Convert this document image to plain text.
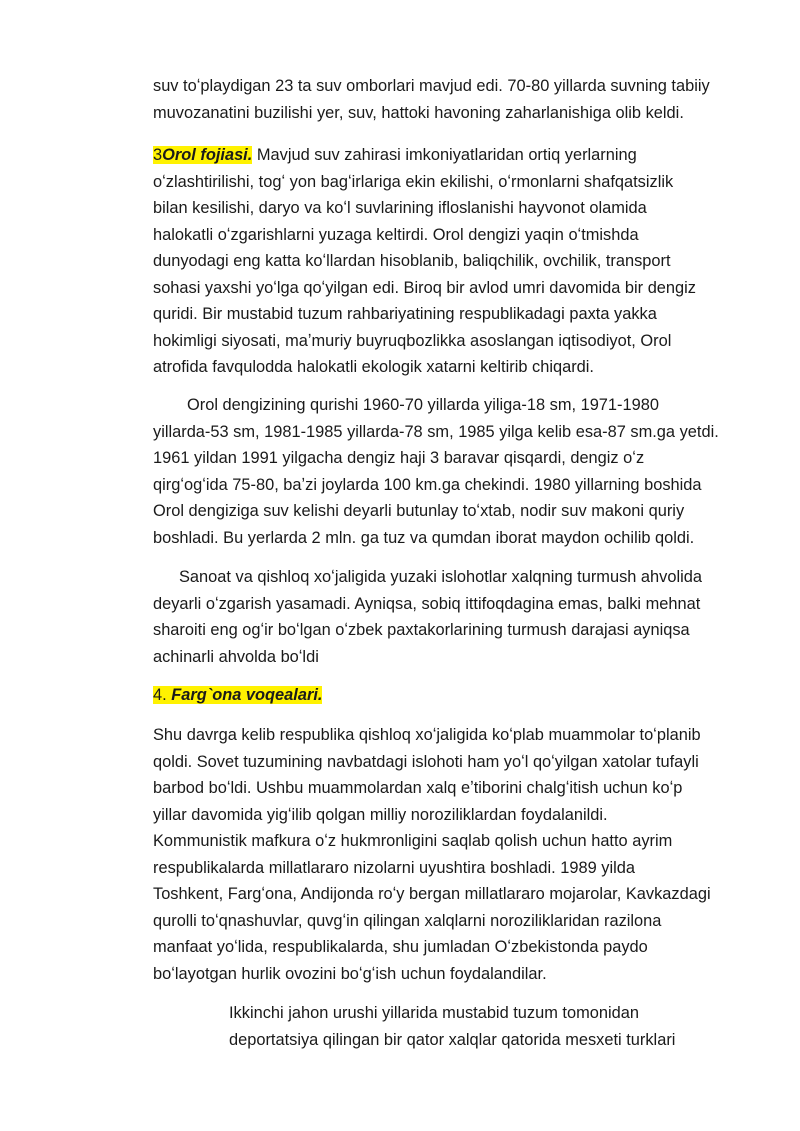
suv toʻplaydigan 23 ta suv omborlari mavjud edi. 70-80 yillarda suvning tabiiy
muvozanatini buzilishi yer, suv, hattoki havoning zaharlanishiga olib keldi.
3Orol fojiasi. Mavjud suv zahirasi imkoniyatlaridan ortiq yerlarning
oʻzlashtirilishi, togʻ yon bagʻirlariga ekin ekilishi, oʻrmonlarni shafqatsizlik
bilan kesilishi, daryo va koʻl suvlarining ifloslanishi hayvonot olamida
halokatli oʻzgarishlarni yuzaga keltirdi. Orol dengizi yaqin oʻtmishda
dunyodagi eng katta koʻllardan hisoblanib, baliqchilik, ovchilik, transport
sohasi yaxshi yoʻlga qoʻyilgan edi. Biroq bir avlod umri davomida bir dengiz
quridi. Bir mustabid tuzum rahbariyatining respublikadagi paxta yakka
hokimligi siyosati, maʼmuriy buyruqbozlikka asoslangan iqtisodiyot, Orol
atrofida favqulodda halokatli ekologik xatarni keltirib chiqardi.
Orol dengizining qurishi 1960-70 yillarda yiliga-18 sm, 1971-1980
yillarda-53 sm, 1981-1985 yillarda-78 sm, 1985 yilga kelib esa-87 sm.ga yetdi.
1961 yildan 1991 yilgacha dengiz haji 3 baravar qisqardi, dengiz oʻz
qirgʻogʻida 75-80, baʼzi joylarda 100 km.ga chekindi. 1980 yillarning boshida
Orol dengiziga suv kelishi deyarli butunlay toʻxtab, nodir suv makoni quriy
boshladi. Bu yerlarda 2 mln. ga tuz va qumdan iborat maydon ochilib qoldi.
Sanoat va qishloq xoʻjaligida yuzaki islohotlar xalqning turmush ahvolida
deyarli oʻzgarish yasamadi. Ayniqsa, sobiq ittifoqdagina emas, balki mehnat
sharoiti eng ogʻir boʻlgan oʻzbek paxtakorlarining turmush darajasi ayniqsa
achinarli ahvolda boʻldi
4. Farg`ona voqealari.
Shu davrga kelib respublika qishloq xoʻjaligida koʻplab muammolar toʻplanib
qoldi. Sovet tuzumining navbatdagi islohoti ham yoʻl qoʻyilgan xatolar tufayli
barbod boʻldi. Ushbu muammolardan xalq eʼtiborini chalgʻitish uchun koʻp
yillar davomida yigʻilib qolgan milliy noroziliklardan foydalanildi.
Kommunistik mafkura oʻz hukmronligini saqlab qolish uchun hatto ayrim
respublikalarda millatlararo nizolarni uyushtira boshladi. 1989 yilda
Toshkent, Fargʻona, Andijonda roʻy bergan millatlararo mojarolar, Kavkazdagi
qurolli toʻqnashuvlar, quvgʻin qilingan xalqlarni noroziliklaridan razilona
manfaat yoʻlida, respublikalarda, shu jumladan Oʻzbekistonda paydo
boʻlayotgan hurlik ovozini boʻgʻish uchun foydalandilar.
Ikkinchi jahon urushi yillarida mustabid tuzum tomonidan
deportatsiya qilingan bir qator xalqlar qatorida mesxeti turklari
